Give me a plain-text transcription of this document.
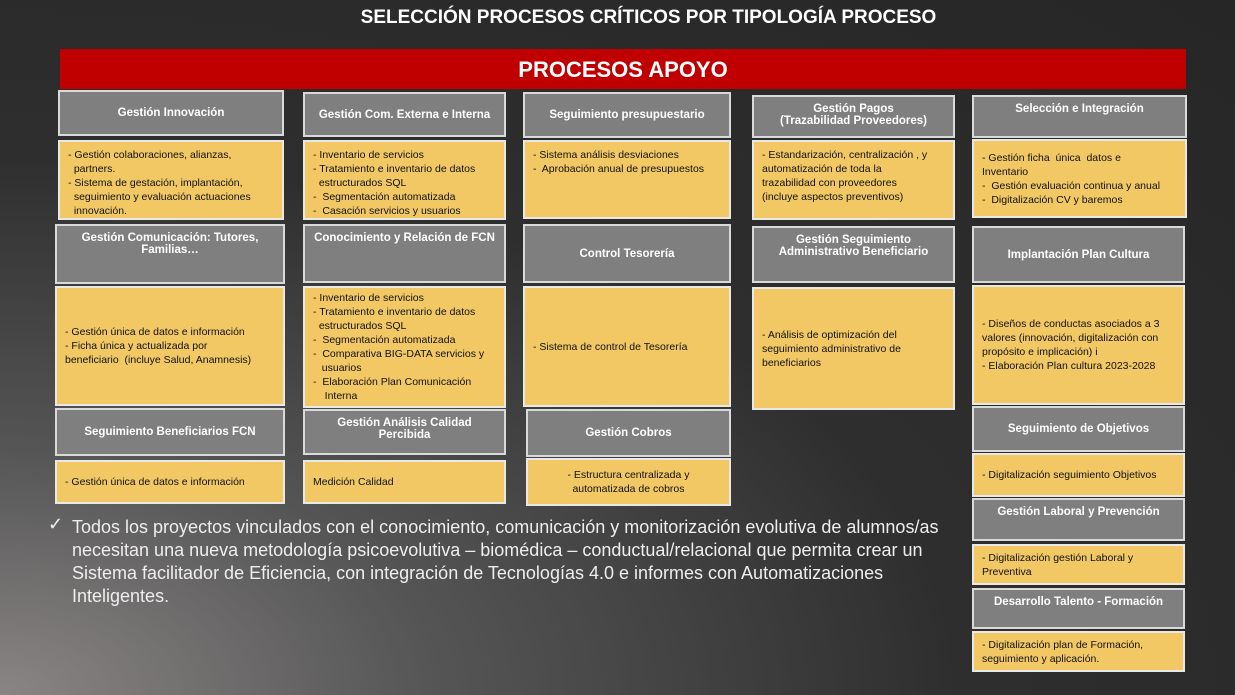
SELECCIÓN PROCESOS CRÍTICOS POR TIPOLOGÍA PROCESO
PROCESOS APOYO
Gestión Innovación
- Gestión colaboraciones, alianzas,
partners.
- Sistema de gestación, implantación,
seguimiento y evaluación actuaciones
innovación.
Gestión Comunicación: Tutores, Familias…
- Gestión única de datos e información
- Ficha única y actualizada por
beneficiario  (incluye Salud, Anamnesis)
Seguimiento Beneficiarios FCN
- Gestión única de datos e información
Gestión Com. Externa e Interna
- Inventario de servicios
- Tratamiento e inventario de datos
estructurados SQL
-  Segmentación automatizada
-  Casación servicios y usuarios
Conocimiento y Relación de FCN
- Inventario de servicios
- Tratamiento e inventario de datos
estructurados SQL
-  Segmentación automatizada
-  Comparativa BIG-DATA servicios y
usuarios
-  Elaboración Plan Comunicación
Interna
Gestión Análisis Calidad Percibida
Medición Calidad
Seguimiento presupuestario
- Sistema análisis desviaciones
-  Aprobación anual de presupuestos
Control Tesorería
- Sistema de control de Tesorería
Gestión Cobros
- Estructura centralizada y
automatizada de cobros
Gestión Pagos
(Trazabilidad Proveedores)
- Estandarización, centralización , y
automatización de toda la
trazabilidad con proveedores
(incluye aspectos preventivos)
Gestión Seguimiento Administrativo Beneficiario
- Análisis de optimización del
seguimiento administrativo de
beneficiarios
Selección e Integración
- Gestión ficha  única  datos e
Inventario
-  Gestión evaluación continua y anual
-  Digitalización CV y baremos
Implantación Plan Cultura
- Diseños de conductas asociados a 3
valores (innovación, digitalización con
propósito e implicación) i
- Elaboración Plan cultura 2023-2028
Seguimiento de Objetivos
- Digitalización seguimiento Objetivos
Gestión Laboral y Prevención
- Digitalización gestión Laboral y
Preventiva
Desarrollo Talento - Formación
- Digitalización plan de Formación,
seguimiento y aplicación.
✓ Todos los proyectos vinculados con el conocimiento, comunicación y monitorización evolutiva de alumnos/as necesitan una nueva metodología psicoevolutiva – biomédica – conductual/relacional que permita crear un Sistema facilitador de Eficiencia, con integración de Tecnologías 4.0 e informes con Automatizaciones Inteligentes.
